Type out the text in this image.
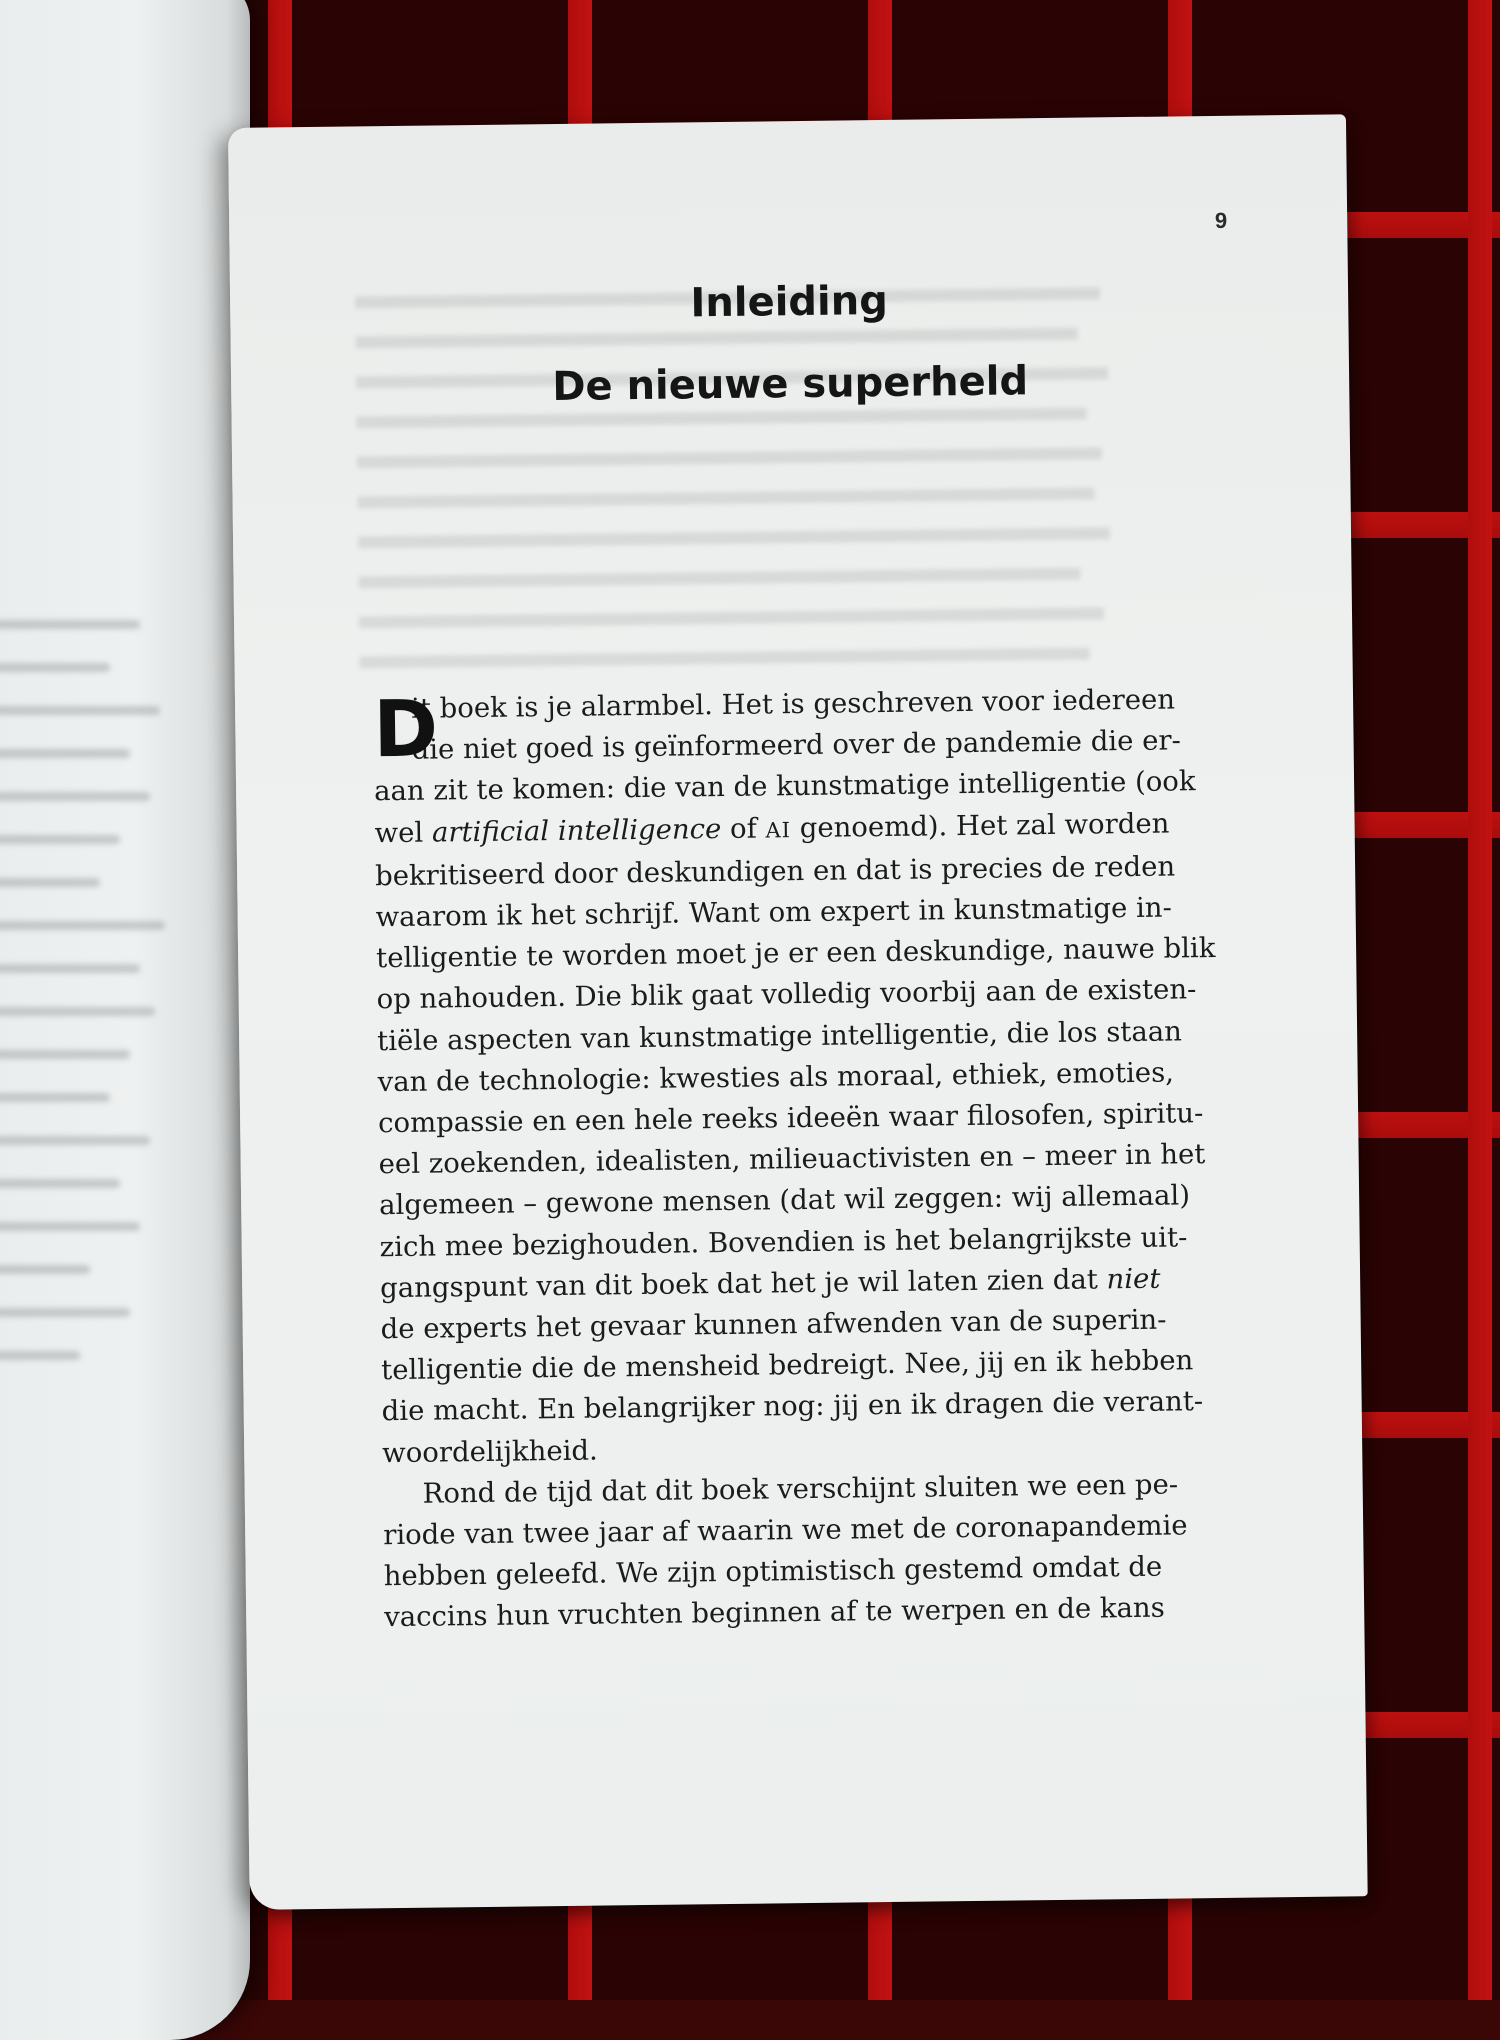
9
Inleiding
De nieuwe superheld
D
it boek is je alarmbel. Het is geschreven voor iedereen
die niet goed is geïnformeerd over de pandemie die er-
aan zit te komen: die van de kunstmatige intelligentie (ook
wel artificial intelligence of AI genoemd). Het zal worden
bekritiseerd door deskundigen en dat is precies de reden
waarom ik het schrijf. Want om expert in kunstmatige in-
telligentie te worden moet je er een deskundige, nauwe blik
op nahouden. Die blik gaat volledig voorbij aan de existen-
tiële aspecten van kunstmatige intelligentie, die los staan
van de technologie: kwesties als moraal, ethiek, emoties,
compassie en een hele reeks ideeën waar filosofen, spiritu-
eel zoekenden, idealisten, milieuactivisten en – meer in het
algemeen – gewone mensen (dat wil zeggen: wij allemaal)
zich mee bezighouden. Bovendien is het belangrijkste uit-
gangspunt van dit boek dat het je wil laten zien dat niet
de experts het gevaar kunnen afwenden van de superin-
telligentie die de mensheid bedreigt. Nee, jij en ik hebben
die macht. En belangrijker nog: jij en ik dragen die verant-
woordelijkheid.
Rond de tijd dat dit boek verschijnt sluiten we een pe-
riode van twee jaar af waarin we met de coronapandemie
hebben geleefd. We zijn optimistisch gestemd omdat de
vaccins hun vruchten beginnen af te werpen en de kans
